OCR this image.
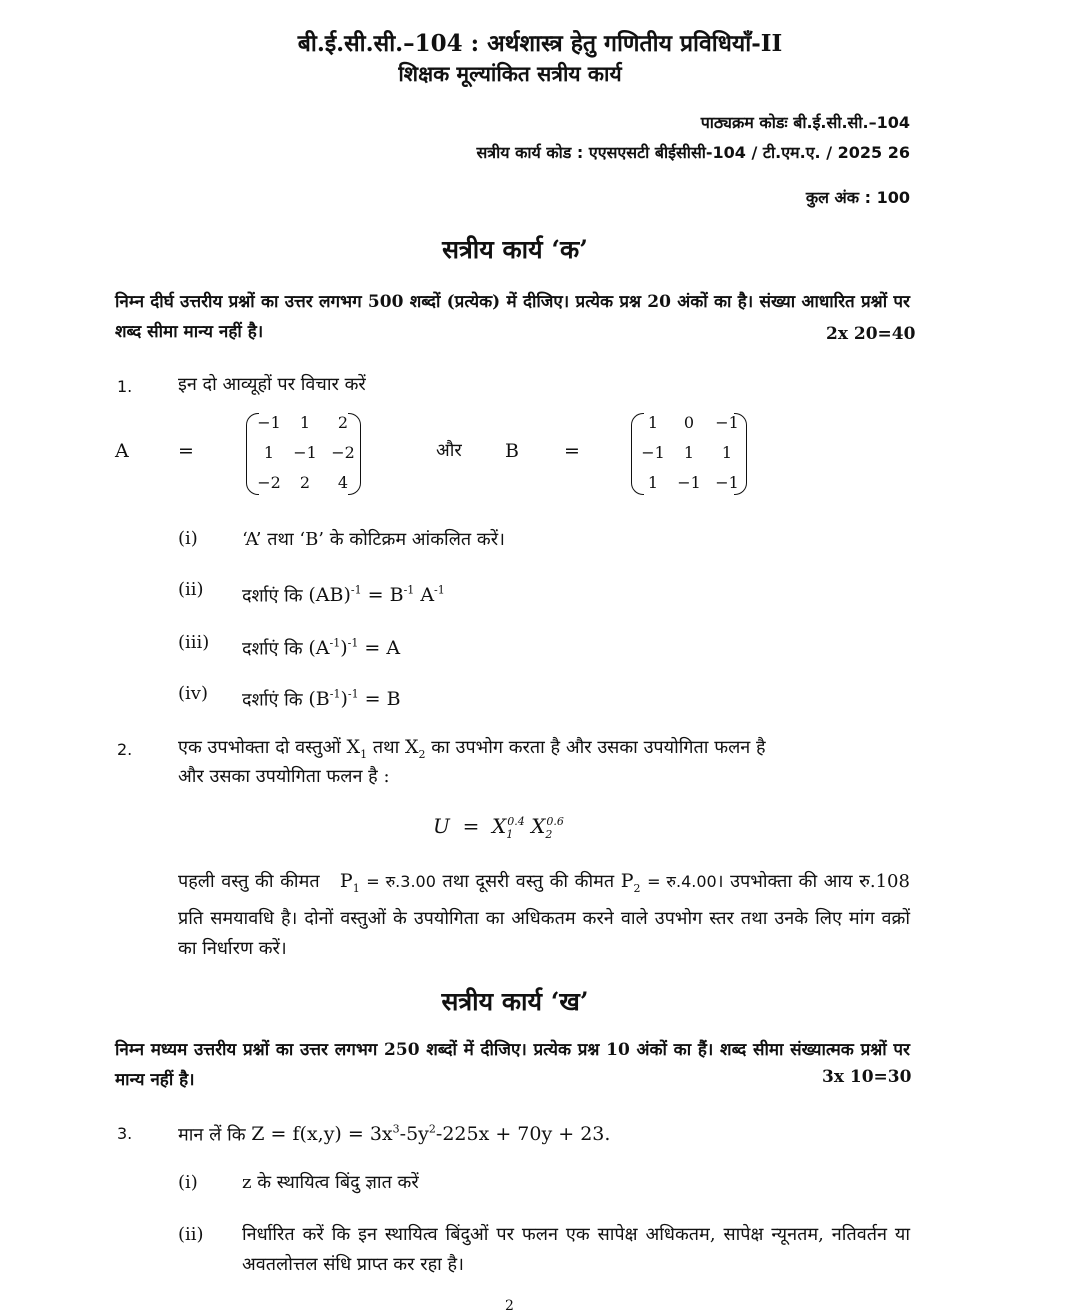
बी.ई.सी.सी.–104 : अर्थशास्त्र हेतु गणितीय प्रविधियाँ-II
शिक्षक मूल्यांकित सत्रीय कार्य
पाठ्यक्रम कोडः बी.ई.सी.सी.–104
सत्रीय कार्य कोड : एएसएसटी बीईसीसी-104 / टी.एम.ए. / 2025 26
कुल अंक : 100
सत्रीय कार्य ‘क’
निम्न दीर्घ उत्तरीय प्रश्नों का उत्तर लगभग 500 शब्दों (प्रत्येक) में दीजिए। प्रत्येक प्रश्न 20 अंकों का है। संख्या आधारित प्रश्नों पर शब्द सीमा मान्य नहीं है।	2x 20=40
1.	इन दो आव्यूहों पर विचार करें
A	=
−1	1	2
1	−1 −2
−2	2	4
और B =
1	0	−1
−1	1	1
1	−1 −1
(i) ‘A’ तथा ‘B’ के कोटिक्रम आंकलित करें।
(ii) दर्शाएं कि $(AB)^{-1} = B^{-1}$ $A^{-1}$
(iii) दर्शाएं कि $(A^{-1})^{-1} = A$
(iv) दर्शाएं कि $(B^{-1})^{-1} = B$
2.	एक उपभोक्ता दो वस्तुओं $X_1$ तथा $X_2$ का उपभोग करता है और उसका उपयोगिता फलन है
और उसका उपयोगिता फलन है :
$U = X_1^{0.4}$ $X_2^{0.6}$
पहली वस्तु की कीमत   $P_1$ = रु.3.00 तथा दूसरी वस्तु की कीमत $P_2$ = रु.4.00। उपभोक्ता की आय रु.108 प्रति समयावधि है। दोनों वस्तुओं के उपयोगिता का अधिकतम करने वाले उपभोग स्तर तथा उनके लिए मांग वक्रों का निर्धारण करें।
सत्रीय कार्य ‘ख’
निम्न मध्यम उत्तरीय प्रश्नों का उत्तर लगभग 250 शब्दों में दीजिए। प्रत्येक प्रश्न 10 अंकों का हैं। शब्द सीमा संख्यात्मक प्रश्नों पर मान्य नहीं है।	3x 10=30
3.	मान लें कि $Z = f(x,y) = 3x^3-5y^2-225x + 70y + 23$.
(i) z के स्थायित्व बिंदु ज्ञात करें
(ii) निर्धारित करें कि इन स्थायित्व बिंदुओं पर फलन एक सापेक्ष अधिकतम, सापेक्ष न्यूनतम, नतिवर्तन या अवतलोत्तल संधि प्राप्त कर रहा है।
2
